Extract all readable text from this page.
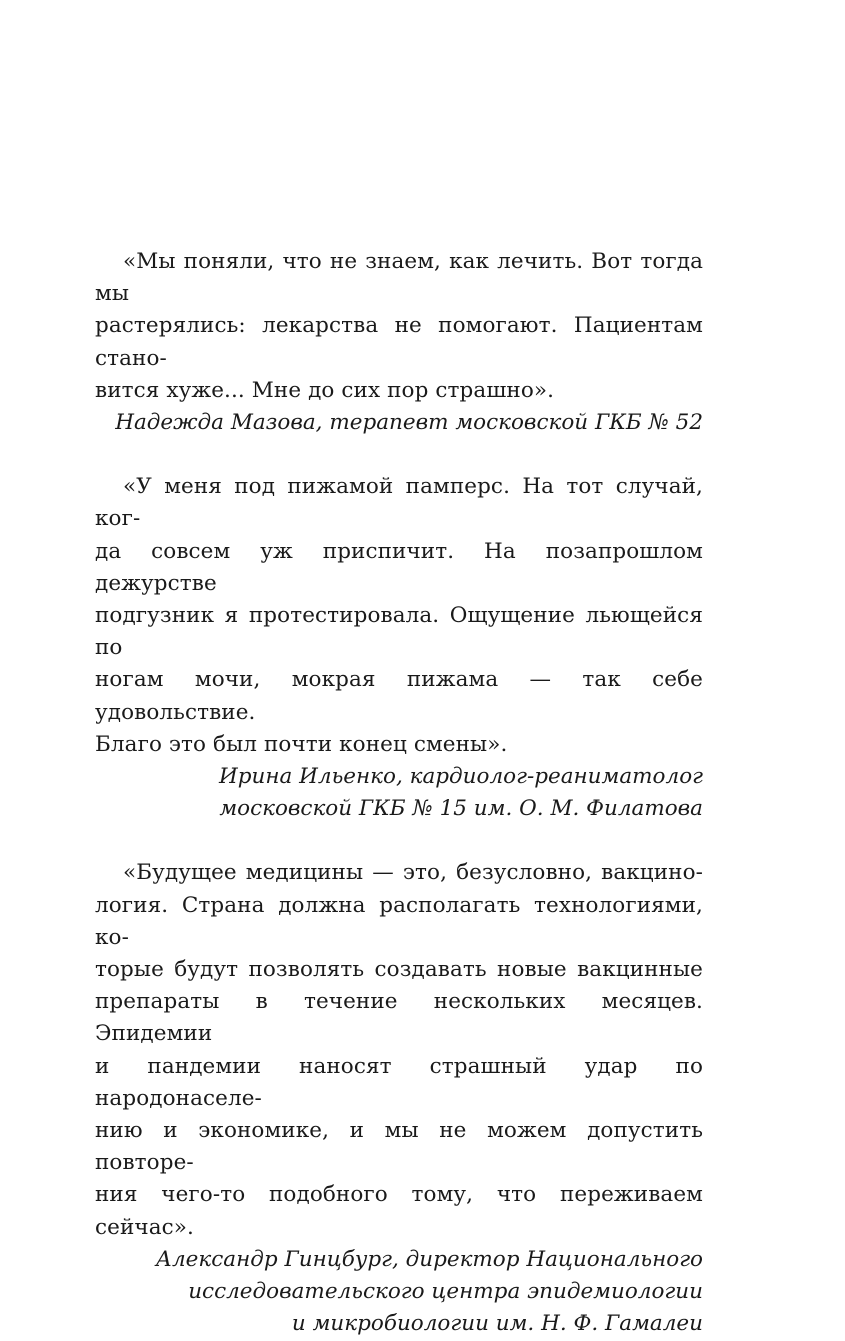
«Мы поняли, что не знаем, как лечить. Вот тогда мы
растерялись: лекарства не помогают. Пациентам стано-
вится хуже... Мне до сих пор страшно».

Надежда Мазова, терапевт московской ГКБ № 52

«У меня под пижамой памперс. На тот случай, ког-
да совсем уж приспичит. На позапрошлом дежурстве
подгузник я протестировала. Ощущение льющейся по
ногам мочи, мокрая пижама — так себе удовольствие.
Благо это был почти конец смены».

Ирина Ильенко, кардиолог-реаниматолог
московской ГКБ № 15 им. О. М. Филатова

«Будущее медицины — это, безусловно, вакцино-
логия. Страна должна располагать технологиями, ко-
торые будут позволять создавать новые вакцинные
препараты в течение нескольких месяцев. Эпидемии
и пандемии наносят страшный удар по народонаселе-
нию и экономике, и мы не можем допустить повторе-
ния чего-то подобного тому, что переживаем сейчас».

Александр Гинцбург, директор Национального
исследовательского центра эпидемиологии
и микробиологии им. Н. Ф. Гамалеи
